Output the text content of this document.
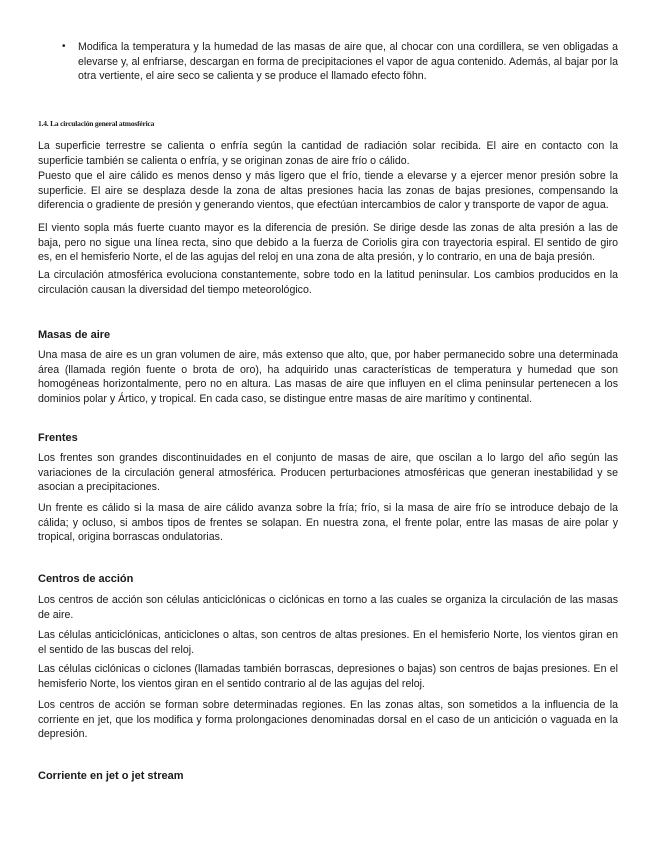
•	Modifica la temperatura y la humedad de las masas de aire que, al chocar con una cordillera, se ven obligadas a elevarse y, al enfriarse, descargan en forma de precipitaciones el vapor de agua contenido. Además, al bajar por la otra vertiente, el aire seco se calienta y se produce el llamado efecto föhn.
1.4. La circulación general atmosférica

La superficie terrestre se calienta o enfría según la cantidad de radiación solar recibida. El aire en contacto con la superficie también se calienta o enfría, y se originan zonas de aire frío o cálido.

Puesto que el aire cálido es menos denso y más ligero que el frío, tiende a elevarse y a ejercer menor presión sobre la superficie. El aire se desplaza desde la zona de altas presiones hacia las zonas de bajas presiones, compensando la diferencia o gradiente de presión y generando vientos, que efectúan intercambios de calor y transporte de vapor de agua.

El viento sopla más fuerte cuanto mayor es la diferencia de presión. Se dirige desde las zonas de alta presión a las de baja, pero no sigue una línea recta, sino que debido a la fuerza de Coriolis gira con trayectoria espiral. El sentido de giro es, en el hemisferio Norte, el de las agujas del reloj en una zona de alta presión, y lo contrario, en una de baja presión.

La circulación atmosférica evoluciona constantemente, sobre todo en la latitud peninsular. Los cambios producidos en la circulación causan la diversidad del tiempo meteorológico.

Masas de aire

Una masa de aire es un gran volumen de aire, más extenso que alto, que, por haber permanecido sobre una determinada área (llamada región fuente o brota de oro), ha adquirido unas características de temperatura y humedad que son homogéneas horizontalmente, pero no en altura. Las masas de aire que influyen en el clima peninsular pertenecen a los dominios polar y Ártico, y tropical. En cada caso, se distingue entre masas de aire marítimo y continental.

Frentes

Los frentes son grandes discontinuidades en el conjunto de masas de aire, que oscilan a lo largo del año según las variaciones de la circulación general atmosférica. Producen perturbaciones atmosféricas que generan inestabilidad y se asocian a precipitaciones.

Un frente es cálido si la masa de aire cálido avanza sobre la fría; frío, si la masa de aire frío se introduce debajo de la cálida; y ocluso, si ambos tipos de frentes se solapan. En nuestra zona, el frente polar, entre las masas de aire polar y tropical, origina borrascas ondulatorias.

Centros de acción

Los centros de acción son células anticiclónicas o ciclónicas en torno a las cuales se organiza la circulación de las masas de aire.

Las células anticiclónicas, anticiclones o altas, son centros de altas presiones. En el hemisferio Norte, los vientos giran en el sentido de las buscas del reloj.

Las células ciclónicas o ciclones (llamadas también borrascas, depresiones o bajas) son centros de bajas presiones. En el hemisferio Norte, los vientos giran en el sentido contrario al de las agujas del reloj.

Los centros de acción se forman sobre determinadas regiones. En las zonas altas, son sometidos a la influencia de la corriente en jet, que los modifica y forma prolongaciones denominadas dorsal en el caso de un anticición o vaguada en la depresión.

Corriente en jet o jet stream
